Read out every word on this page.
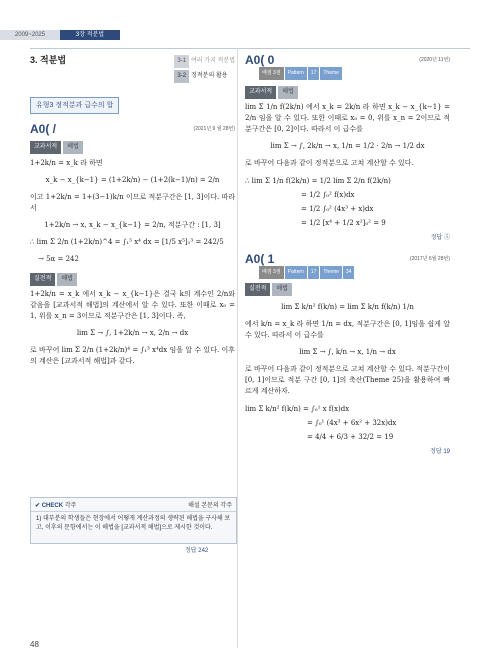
2009~2025	3장 적분법
3. 적분법	3-1 여러 가지 적분법
3-2 정적분의 활용
유형3 정적분과 급수의 합
A0( /	(2021년 9 월 28번)
교과서적 해법
1+2k/n = x_k 라 하면
x_k − x_{k−1} = (1+2k/n) − (1+2(k−1)/n) = 2/n
이고 1+2k/n = 1+(3−1)k/n 이므로 적분구간은 [1, 3]이다. 따라서
1+2k/n → x, x_k − x_{k−1} = 2/n, 적분구간 : [1, 3]
∴ lim Σ 2/n (1+2k/n)^4 = ∫₁³ x⁴ dx = [1/5 x⁵]₁³ = 242/5
→ 5α = 242
실전적 해법
1+2k/n = x_k 에서 x_k − x_{k−1}은 결국 k의 계수인 2/n와 같음을 [교과서적 해법]의 계산에서 알 수 있다. 또한 이때로 x₀ = 1, 위를 x_n = 3이므로 적분구간은 [1, 3]이다. 즉,
lim Σ → ∫, 1+2k/n → x, 2/n → dx
로 바꾸어 lim Σ 2/n (1+2k/n)⁴ = ∫₁³ x⁴dx 임을 알 수 있다. 이후의 계산은 [교과서적 해법]과 같다.
✔ CHECK 각주	해설 본문의 각주
1) 대부분의 학생들은 현장에서 어떻게 계산과정의 생략된 해법을 구사해 보고, 이후의 문항에서는 이 해법을 [교과서적 해법]으로 제시한 것이다.
정답 242
A0( 0	(2020년 11번)
배점 3점 Pattern 17 Theme
교과서적 해법
lim Σ 1/n f(2k/n) 에서 x_k = 2k/n 라 하면 x_k − x_{k−1} = 2/n 임을 알 수 있다. 또한 이때로 x₀ = 0, 위를 x_n = 2이므로 적분구간은 [0, 2]이다. 따라서 이 급수를
lim Σ → ∫, 2k/n → x, 1/n = 1/2 · 2/n → 1/2 dx
로 바꾸어 다음과 같이 정적분으로 고쳐 계산할 수 있다.
∴ lim Σ 1/n f(2k/n) = 1/2 lim Σ 2/n f(2k/n)
= 1/2 ∫₀² f(x)dx
= 1/2 ∫₀² (4x³ + x)dx
= 1/2 [x⁴ + 1/2 x²]₀² = 9
정답 ⑤
A0( 1	(2017년 6월 28번)
배점 3점 Pattern 17 Theme 34
실전적 해법
lim Σ k/n² f(k/n) = lim Σ k/n f(k/n) 1/n
에서 k/n = x_k 라 하면 1/n = dx, 적분구간은 [0, 1]임을 쉽게 알 수 있다. 따라서 이 급수를
lim Σ → ∫, k/n → x, 1/n → dx
로 바꾸어 다음과 같이 정적분으로 고쳐 계산할 수 있다. 적분구간이 [0, 1]이므로 적분 구간 [0, 1]의 축산(Theme 25)을 활용하여 빠르게 계산하자.
lim Σ k/n² f(k/n) = ∫₀¹ x f(x)dx
= ∫₀¹ (4x³ + 6x² + 32x)dx
= 4/4 + 6/3 + 32/2 = 19
정답 19
48
